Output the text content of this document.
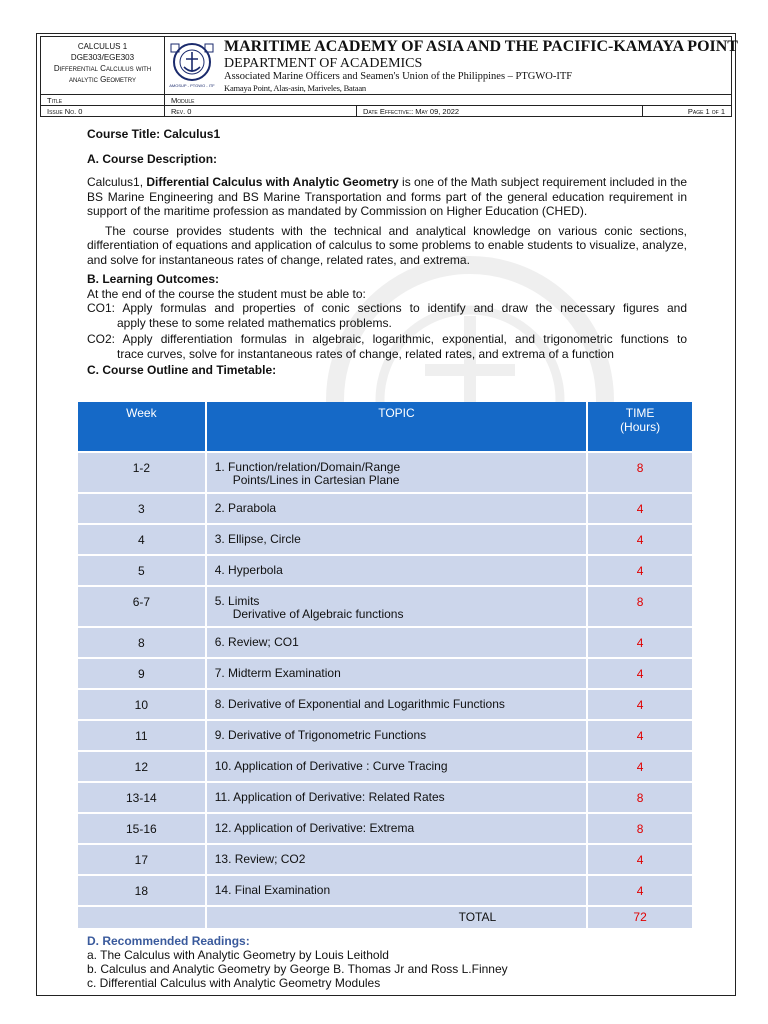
CALCULUS 1
DGE303/EGE303
Differential Calculus with
analytic Geometry
AMOSUP - PTGWO - ITF
MARITIME ACADEMY OF ASIA AND THE PACIFIC-KAMAYA POINT
DEPARTMENT OF ACADEMICS
Associated Marine Officers and Seamen's Union of the Philippines – PTGWO-ITF
Kamaya Point, Alas-asin, Mariveles, Bataan
Title	Module
Issue No. 0	Rev. 0	Date Effective:: May 09, 2022	Page 1 of 1
Course Title: Calculus1
A. Course Description:

Calculus1, Differential Calculus with Analytic Geometry is one of the Math subject requirement included in the BS Marine Engineering and BS Marine Transportation and forms part of the general education requirement in support of the maritime profession as mandated by Commission on Higher Education (CHED).

The course provides students with the technical and analytical knowledge on various conic sections, differentiation of equations and application of calculus to some problems to enable students to visualize, analyze, and solve for instantaneous rates of change, related rates, and extrema.

B. Learning Outcomes:
At the end of the course the student must be able to:
CO1: Apply formulas and properties of conic sections to identify and draw the necessary figures and
apply these to some related mathematics problems.
CO2: Apply differentiation formulas in algebraic, logarithmic, exponential, and trigonometric functions to
trace curves, solve for instantaneous rates of change, related rates, and extrema of a function
C. Course Outline and Timetable:
Week	TOPIC	TIME
(Hours)
1-2	1. Function/relation/Domain/Range
Points/Lines in Cartesian Plane	8
3	2. Parabola	4
4	3. Ellipse, Circle	4
5	4. Hyperbola	4
6-7	5. Limits
Derivative of Algebraic functions	8
8	6. Review; CO1	4
9	7. Midterm Examination	4
10	8. Derivative of Exponential and Logarithmic Functions	4
11	9. Derivative of Trigonometric Functions	4
12	10. Application of Derivative : Curve Tracing	4
13-14	11. Application of Derivative: Related Rates	8
15-16	12. Application of Derivative: Extrema	8
17	13. Review; CO2	4
18	14. Final Examination	4
	TOTAL	72
D. Recommended Readings:
a. The Calculus with Analytic Geometry by Louis Leithold
b. Calculus and Analytic Geometry by George B. Thomas Jr and Ross L.Finney
c. Differential Calculus with Analytic Geometry Modules
